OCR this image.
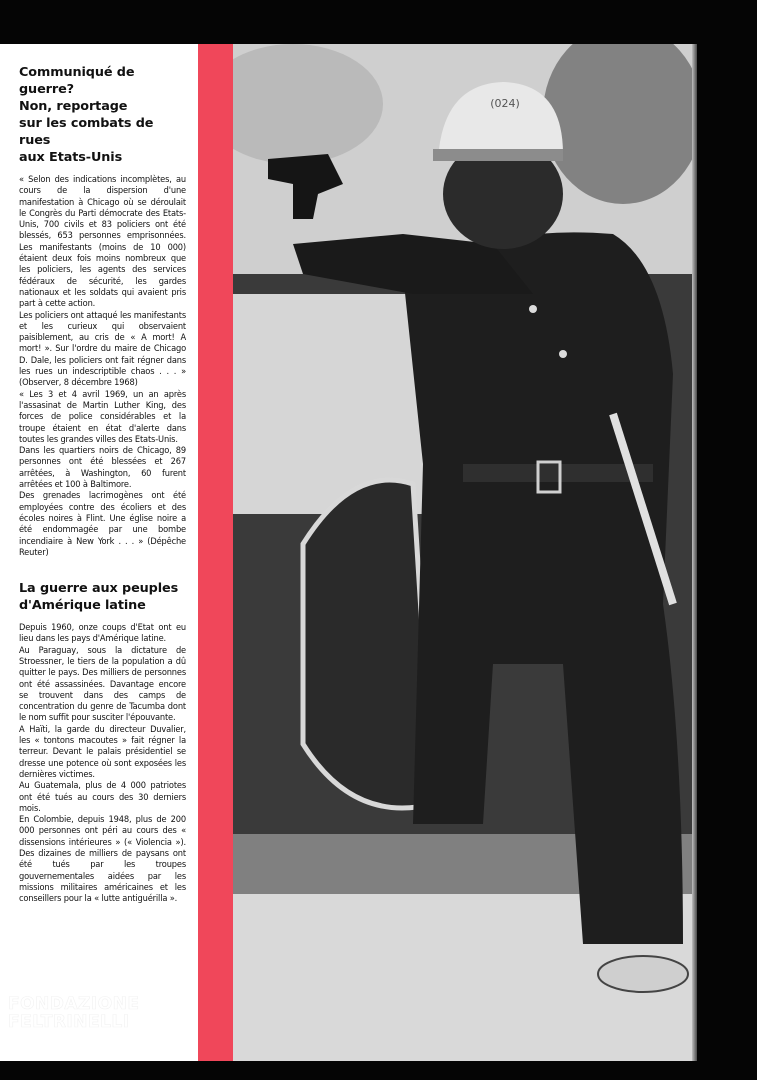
Communiqué de guerre?
Non, reportage
sur les combats de rues
aux Etats-Unis

« Selon des indications incomplètes, au cours de la dispersion d'une manifestation à Chicago où se déroulait le Congrès du Parti démocrate des Etats-Unis, 700 civils et 83 policiers ont été blessés, 653 personnes emprisonnées. Les manifestants (moins de 10 000) étaient deux fois moins nombreux que les policiers, les agents des services fédéraux de sécurité, les gardes nationaux et les soldats qui avaient pris part à cette action.

Les policiers ont attaqué les manifestants et les curieux qui observaient paisiblement, au cris de « A mort! A mort! ». Sur l'ordre du maire de Chicago D. Dale, les policiers ont fait régner dans les rues un indescriptible chaos . . . » (Observer, 8 décembre 1968)

« Les 3 et 4 avril 1969, un an après l'assasinat de Martin Luther King, des forces de police considérables et la troupe étaient en état d'alerte dans toutes les grandes villes des Etats-Unis.

Dans les quartiers noirs de Chicago, 89 personnes ont été blessées et 267 arrêtées, à Washington, 60 furent arrêtées et 100 à Baltimore.

Des grenades lacrimogènes ont été employées contre des écoliers et des écoles noires à Flint. Une église noire a été endommagée par une bombe incendiaire à New York . . . » (Dépêche Reuter)

La guerre aux peuples
d'Amérique latine

Depuis 1960, onze coups d'Etat ont eu lieu dans les pays d'Amérique latine.

Au Paraguay, sous la dictature de Stroessner, le tiers de la population a dû quitter le pays. Des milliers de personnes ont été assassinées. Davantage encore se trouvent dans des camps de concentration du genre de Tacumba dont le nom suffit pour susciter l'épouvante.

A Haïti, la garde du directeur Duvalier, les « tontons macoutes » fait régner la terreur. Devant le palais présidentiel se dresse une potence où sont exposées les dernières victimes.

Au Guatemala, plus de 4 000 patriotes ont été tués au cours des 30 derniers mois.

En Colombie, depuis 1948, plus de 200 000 personnes ont péri au cours des « dissensions intérieures » (« Violencia »). Des dizaines de milliers de paysans ont été tués par les troupes gouvernementales aidées par les missions militaires américaines et les conseillers pour la « lutte antiguérilla ».

FONDAZIONE
FELTRINELLI
(024)
